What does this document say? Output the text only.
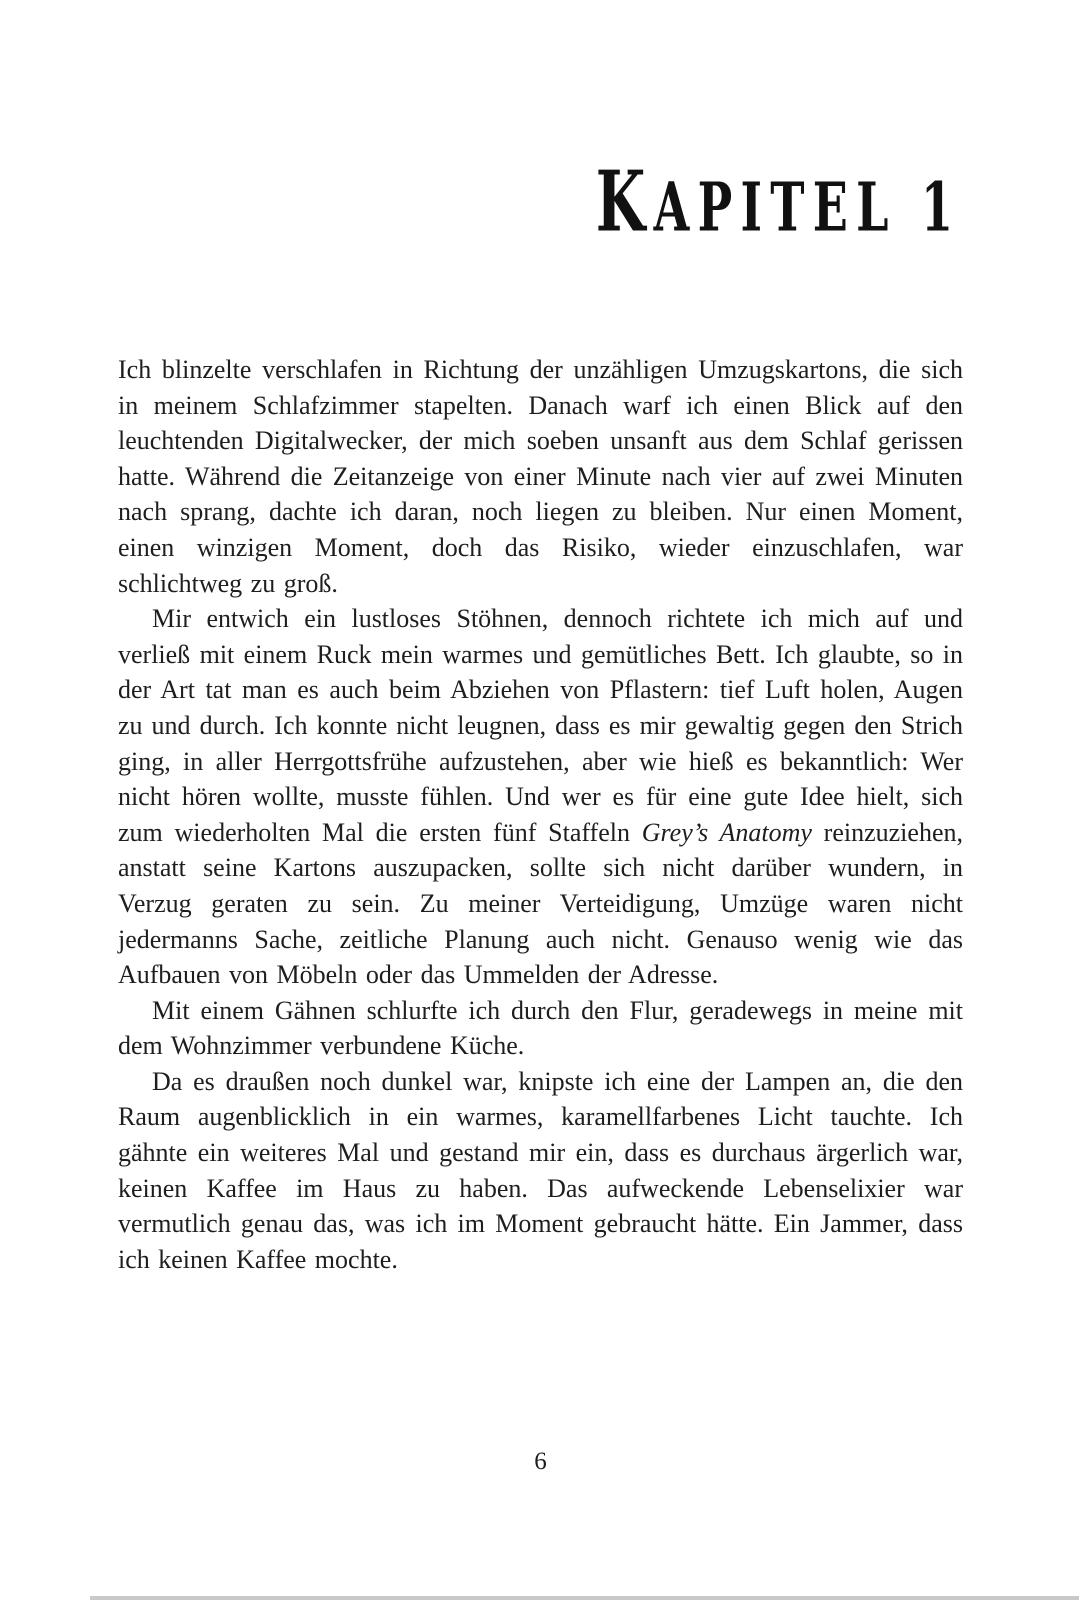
KAPITEL 1

Ich blinzelte verschlafen in Richtung der unzähligen Umzugskartons, die sich in meinem Schlafzimmer stapelten. Danach warf ich einen Blick auf den leuchtenden Digitalwecker, der mich soeben unsanft aus dem Schlaf gerissen hatte. Während die Zeitanzeige von einer Minute nach vier auf zwei Minuten nach sprang, dachte ich daran, noch liegen zu bleiben. Nur einen Moment, einen winzigen Moment, doch das Risiko, wieder einzuschlafen, war schlichtweg zu groß.

Mir entwich ein lustloses Stöhnen, dennoch richtete ich mich auf und verließ mit einem Ruck mein warmes und gemütliches Bett. Ich glaubte, so in der Art tat man es auch beim Abziehen von Pflastern: tief Luft holen, Augen zu und durch. Ich konnte nicht leugnen, dass es mir gewaltig gegen den Strich ging, in aller Herrgottsfrühe aufzustehen, aber wie hieß es bekanntlich: Wer nicht hören wollte, musste fühlen. Und wer es für eine gute Idee hielt, sich zum wiederholten Mal die ersten fünf Staffeln Grey’s Anatomy reinzuziehen, anstatt seine Kartons auszupacken, sollte sich nicht darüber wundern, in Verzug geraten zu sein. Zu meiner Verteidigung, Umzüge waren nicht jedermanns Sache, zeitliche Planung auch nicht. Genauso wenig wie das Aufbauen von Möbeln oder das Ummelden der Adresse.

Mit einem Gähnen schlurfte ich durch den Flur, geradewegs in meine mit dem Wohnzimmer verbundene Küche.

Da es draußen noch dunkel war, knipste ich eine der Lampen an, die den Raum augenblicklich in ein warmes, karamellfarbenes Licht tauchte. Ich gähnte ein weiteres Mal und gestand mir ein, dass es durchaus ärgerlich war, keinen Kaffee im Haus zu haben. Das aufweckende Lebenselixier war vermutlich genau das, was ich im Moment gebraucht hätte. Ein Jammer, dass ich keinen Kaffee mochte.

6
